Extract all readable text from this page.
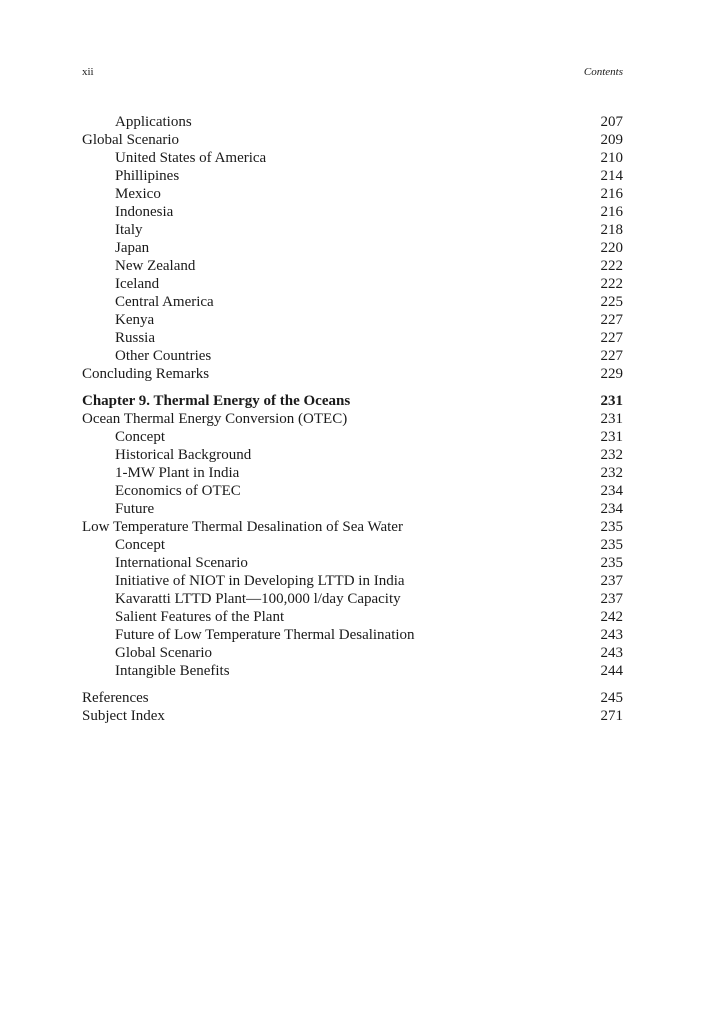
xii	Contents
Applications	207
Global Scenario	209
United States of America	210
Phillipines	214
Mexico	216
Indonesia	216
Italy	218
Japan	220
New Zealand	222
Iceland	222
Central America	225
Kenya	227
Russia	227
Other Countries	227
Concluding Remarks	229
Chapter 9. Thermal Energy of the Oceans	231
Ocean Thermal Energy Conversion (OTEC)	231
Concept	231
Historical Background	232
1-MW Plant in India	232
Economics of OTEC	234
Future	234
Low Temperature Thermal Desalination of Sea Water	235
Concept	235
International Scenario	235
Initiative of NIOT in Developing LTTD in India	237
Kavaratti LTTD Plant—100,000 l/day Capacity	237
Salient Features of the Plant	242
Future of Low Temperature Thermal Desalination	243
Global Scenario	243
Intangible Benefits	244
References	245
Subject Index	271
